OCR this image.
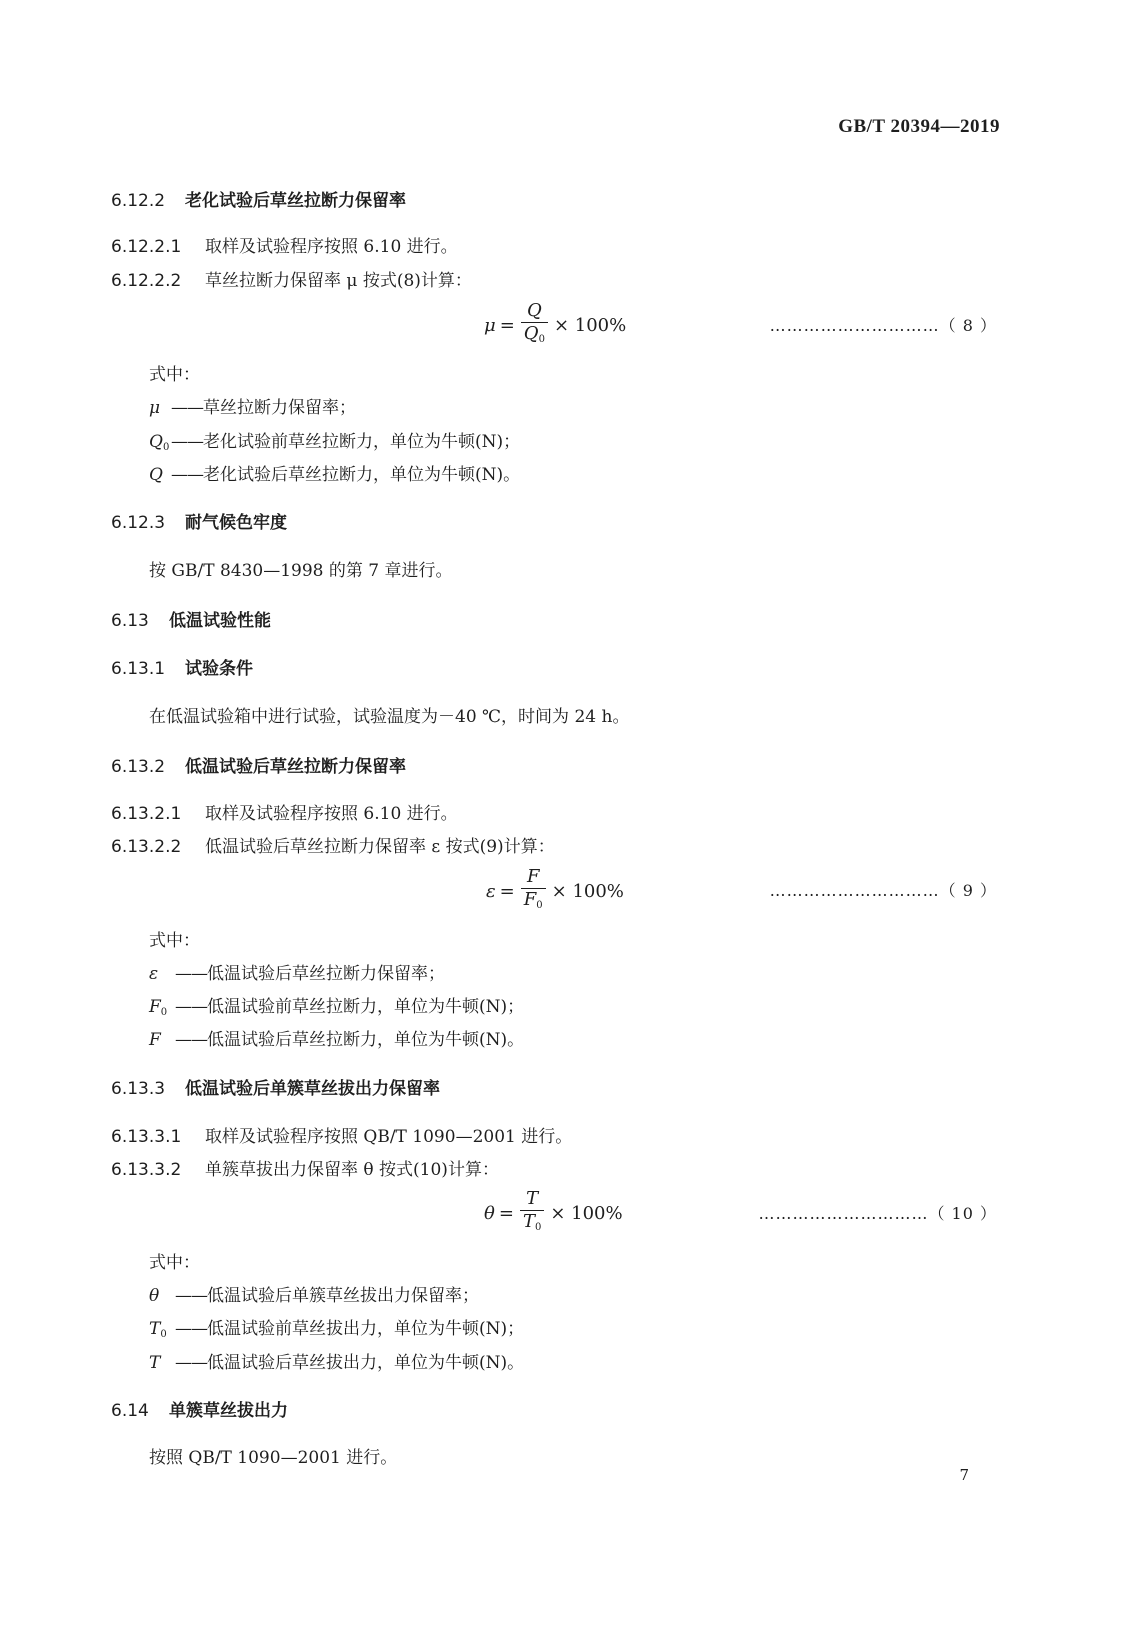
GB/T 20394—2019
6.12.2 老化试验后草丝拉断力保留率
6.12.2.1 取样及试验程序按照 6.10 进行。
6.12.2.2 草丝拉断力保留率 μ 按式(8)计算：
$\mu = \frac{Q}{Q_0} \times 100\%$	…………………………（ 8 ）
式中：
μ ——草丝拉断力保留率；
$Q_0——$老化试验前草丝拉断力，单位为牛顿(N)；
Q ——老化试验后草丝拉断力，单位为牛顿(N)。
6.12.3 耐气候色牢度
按 GB/T 8430—1998 的第 7 章进行。
6.13 低温试验性能
6.13.1 试验条件
在低温试验箱中进行试验，试验温度为－40 ℃，时间为 24 h。
6.13.2 低温试验后草丝拉断力保留率
6.13.2.1 取样及试验程序按照 6.10 进行。
6.13.2.2 低温试验后草丝拉断力保留率 ε 按式(9)计算：
$\varepsilon = \frac{F}{F_0} \times 100\%$	…………………………（ 9 ）
式中：
ε ——低温试验后草丝拉断力保留率；
$F_0$ ——低温试验前草丝拉断力，单位为牛顿(N)；
F ——低温试验后草丝拉断力，单位为牛顿(N)。
6.13.3 低温试验后单簇草丝拔出力保留率
6.13.3.1 取样及试验程序按照 QB/T 1090—2001 进行。
6.13.3.2 单簇草拔出力保留率 θ 按式(10)计算：
$\theta = \frac{T}{T_0} \times 100\%$	…………………………（ 10 ）
式中：
θ ——低温试验后单簇草丝拔出力保留率；
$T_0$ ——低温试验前草丝拔出力，单位为牛顿(N)；
T ——低温试验后草丝拔出力，单位为牛顿(N)。
6.14 单簇草丝拔出力
按照 QB/T 1090—2001 进行。
7
